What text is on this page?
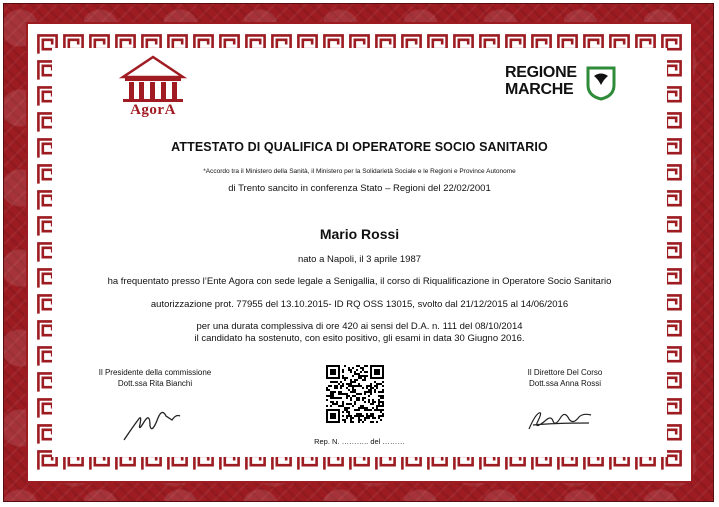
AgorA
REGIONE
MARCHE
ATTESTATO DI QUALIFICA DI OPERATORE SOCIO SANITARIO
*Accordo tra il Ministero della Sanità, il Ministero per la Solidarietà Sociale e le Regioni e Province Autonome
di Trento sancito in conferenza Stato – Regioni del 22/02/2001
Mario Rossi
nato a Napoli, il 3 aprile 1987
ha frequentato presso l’Ente Agora con sede legale a Senigallia, il corso di Riqualificazione in Operatore Socio Sanitario
autorizzazione prot. 77955 del 13.10.2015- ID RQ OSS 13015, svolto dal 21/12/2015 al 14/06/2016
per una durata complessiva di ore 420 ai sensi del D.A. n. 111 del 08/10/2014
il candidato ha sostenuto, con esito positivo, gli esami in data 30 Giugno 2016.
Il Presidente della commissione
Dott.ssa Rita Bianchi
Il Direttore Del Corso
Dott.ssa Anna Rossi
Rep. N. ……….. del ………
